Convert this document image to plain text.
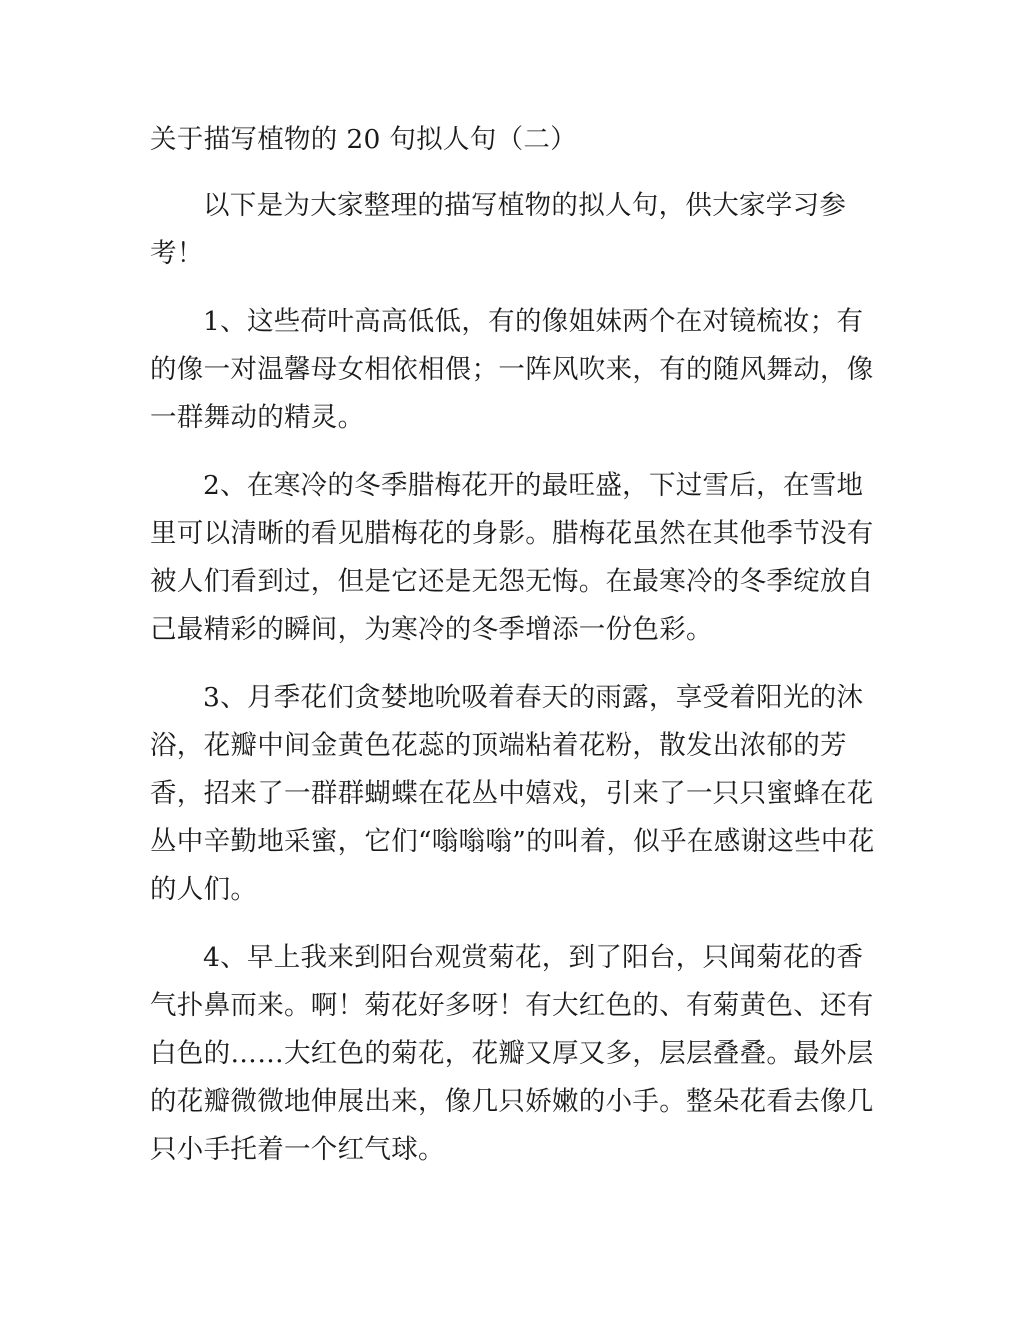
关于描写植物的 20 句拟人句（二）

以下是为大家整理的描写植物的拟人句，供大家学习参考！

1、这些荷叶高高低低，有的像姐妹两个在对镜梳妆；有的像一对温馨母女相依相偎；一阵风吹来，有的随风舞动，像一群舞动的精灵。

2、在寒冷的冬季腊梅花开的最旺盛，下过雪后，在雪地里可以清晰的看见腊梅花的身影。腊梅花虽然在其他季节没有被人们看到过，但是它还是无怨无悔。在最寒冷的冬季绽放自己最精彩的瞬间，为寒冷的冬季增添一份色彩。

3、月季花们贪婪地吮吸着春天的雨露，享受着阳光的沐浴，花瓣中间金黄色花蕊的顶端粘着花粉，散发出浓郁的芳香，招来了一群群蝴蝶在花丛中嬉戏，引来了一只只蜜蜂在花丛中辛勤地采蜜，它们“嗡嗡嗡”的叫着，似乎在感谢这些中花的人们。

4、早上我来到阳台观赏菊花，到了阳台，只闻菊花的香气扑鼻而来。啊！菊花好多呀！有大红色的、有菊黄色、还有白色的……大红色的菊花，花瓣又厚又多，层层叠叠。最外层的花瓣微微地伸展出来，像几只娇嫩的小手。整朵花看去像几只小手托着一个红气球。
